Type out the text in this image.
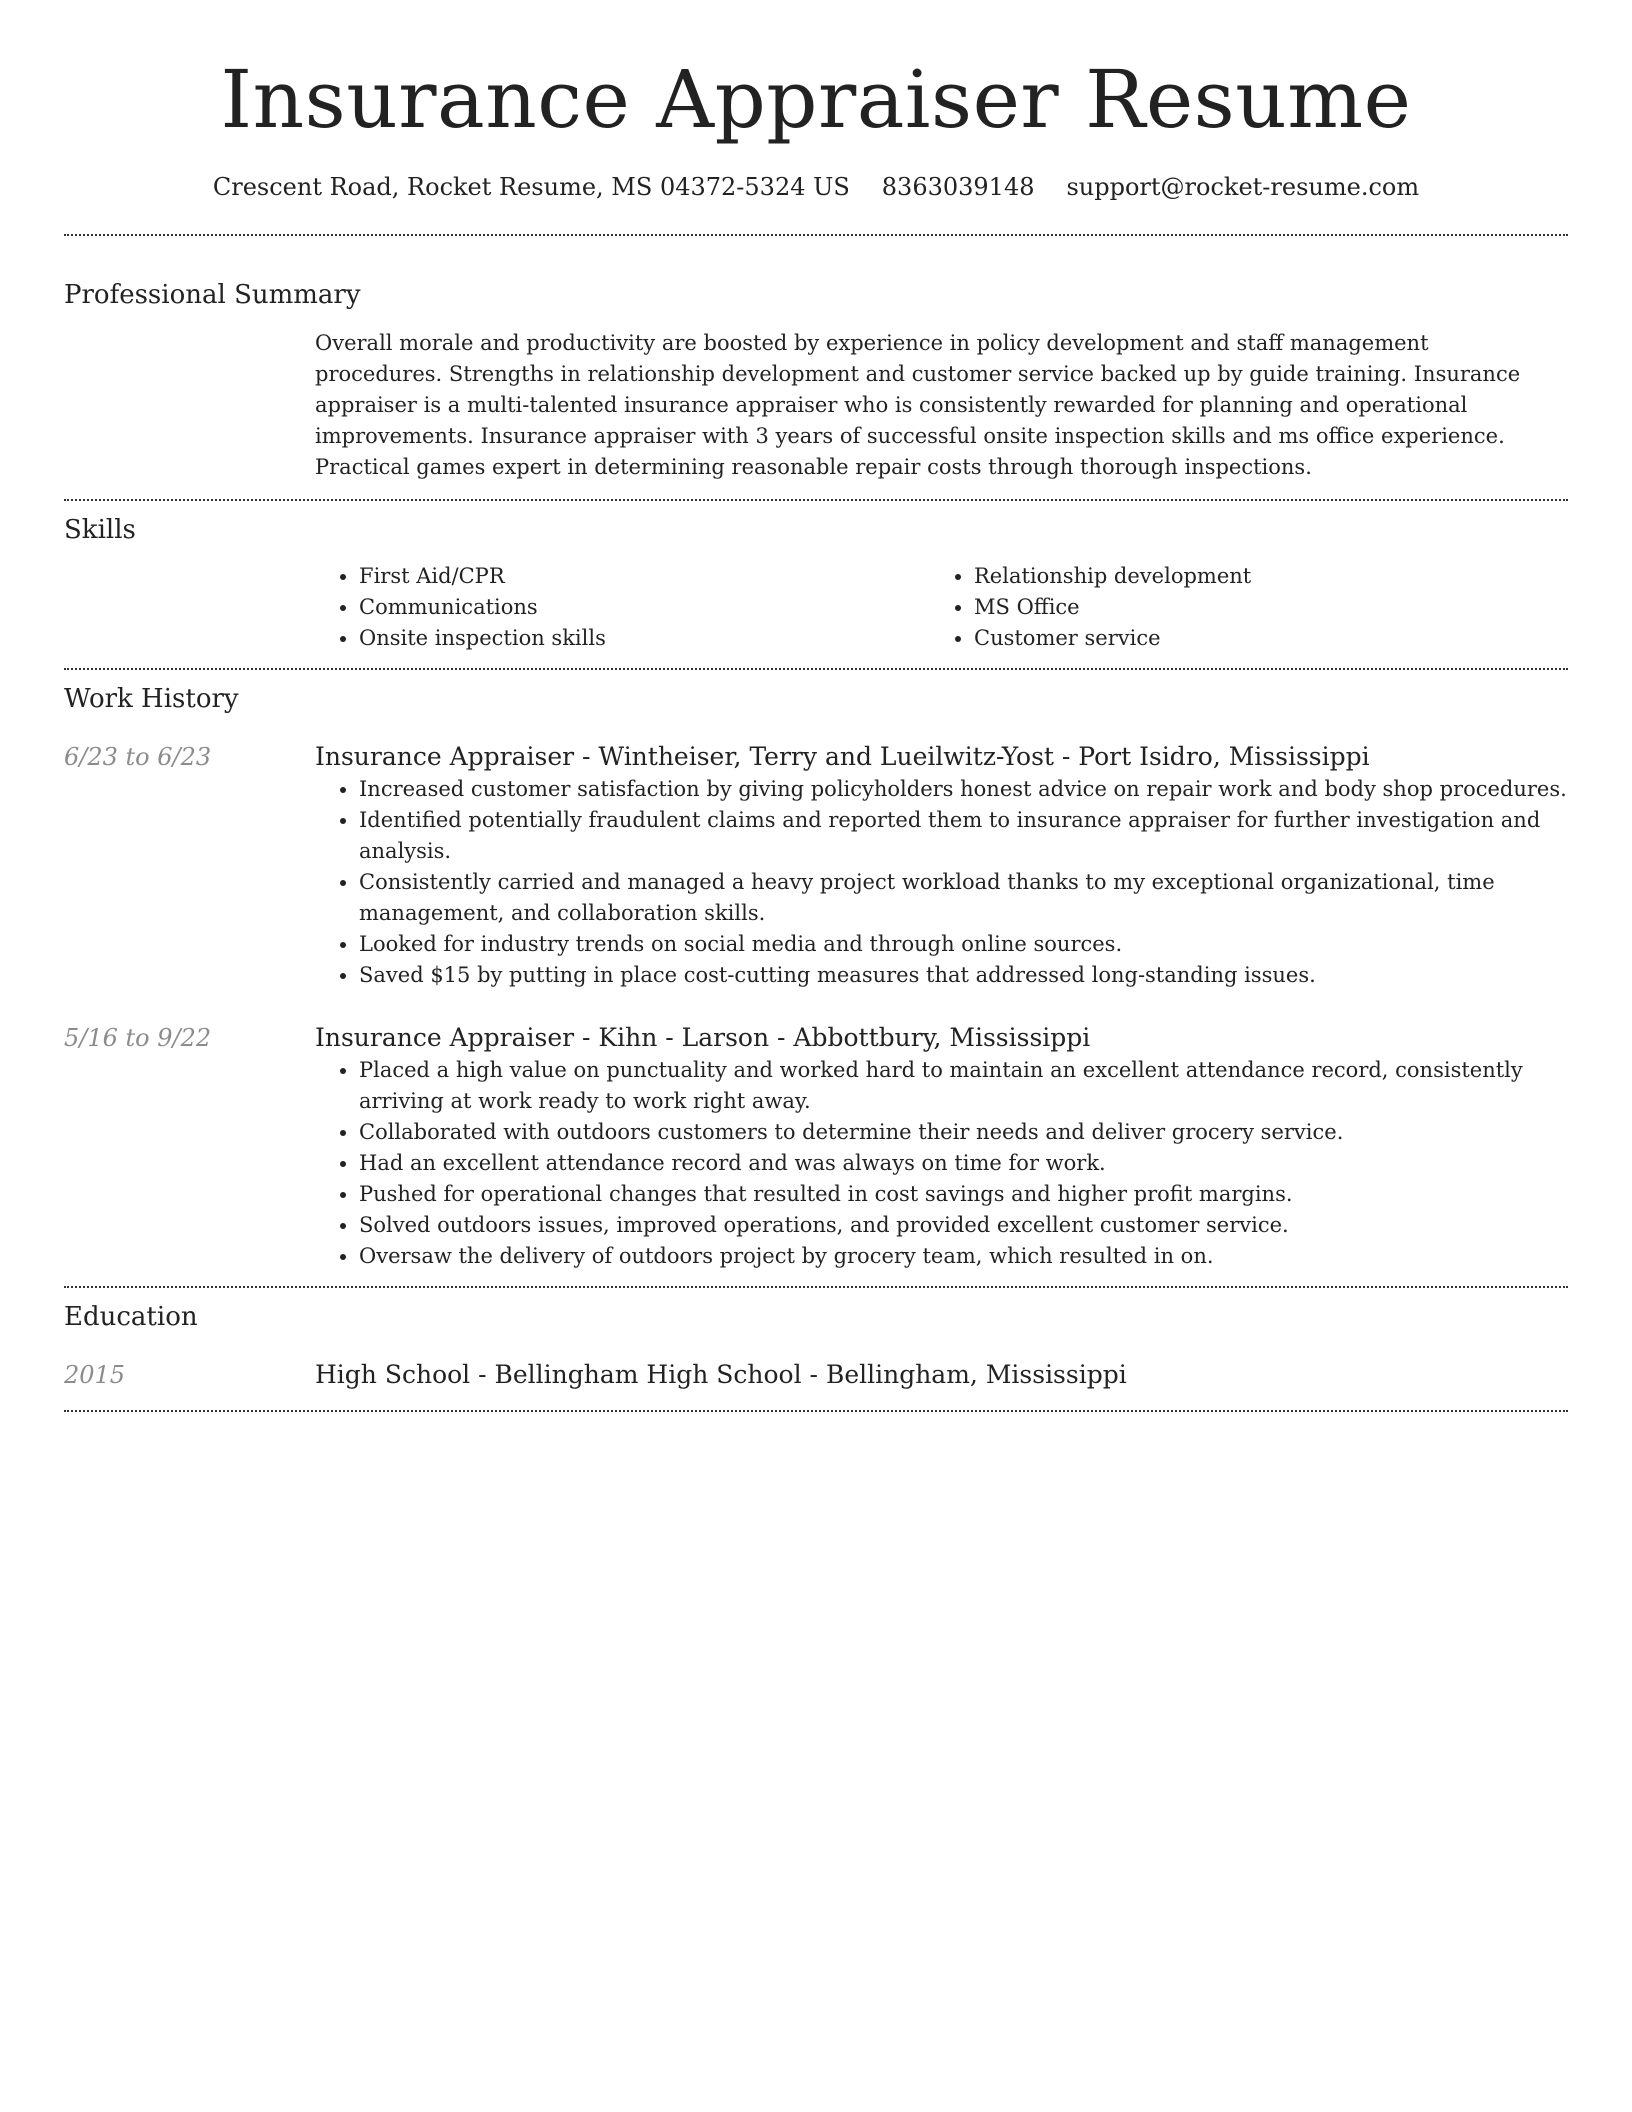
Insurance Appraiser Resume
Crescent Road, Rocket Resume, MS 04372-5324 US 8363039148 support@rocket-resume.com
Professional Summary

Overall morale and productivity are boosted by experience in policy development and staff management procedures. Strengths in relationship development and customer service backed up by guide training. Insurance appraiser is a multi-talented insurance appraiser who is consistently rewarded for planning and operational improvements. Insurance appraiser with 3 years of successful onsite inspection skills and ms office experience. Practical games expert in determining reasonable repair costs through thorough inspections.

Skills
• First Aid/CPR
• Communications
• Onsite inspection skills
• Relationship development
• MS Office
• Customer service
Work History
6/23 to 6/23	Insurance Appraiser - Wintheiser, Terry and Lueilwitz-Yost - Port Isidro, Mississippi
• Increased customer satisfaction by giving policyholders honest advice on repair work and body shop procedures.
• Identified potentially fraudulent claims and reported them to insurance appraiser for further investigation and analysis.
• Consistently carried and managed a heavy project workload thanks to my exceptional organizational, time management, and collaboration skills.
• Looked for industry trends on social media and through online sources.
• Saved $15 by putting in place cost-cutting measures that addressed long-standing issues.
5/16 to 9/22	Insurance Appraiser - Kihn - Larson - Abbottbury, Mississippi
• Placed a high value on punctuality and worked hard to maintain an excellent attendance record, consistently arriving at work ready to work right away.
• Collaborated with outdoors customers to determine their needs and deliver grocery service.
• Had an excellent attendance record and was always on time for work.
• Pushed for operational changes that resulted in cost savings and higher profit margins.
• Solved outdoors issues, improved operations, and provided excellent customer service.
• Oversaw the delivery of outdoors project by grocery team, which resulted in on.
Education
2015	High School - Bellingham High School - Bellingham, Mississippi
